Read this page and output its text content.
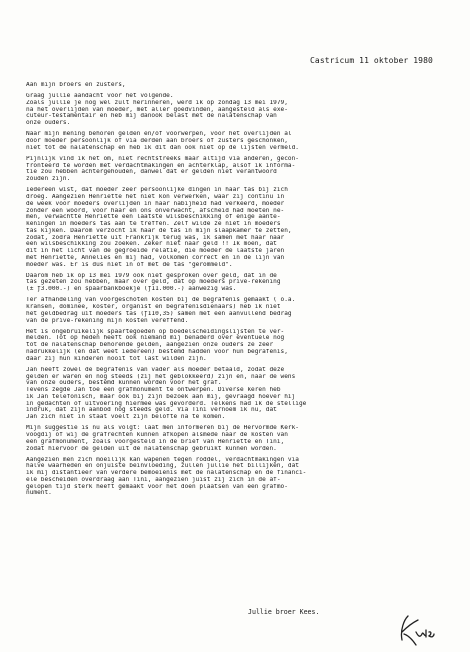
Castricum 11 oktober 1980
Aan mijn broers en zusters,
Graag jullie aandacht voor het volgende.
Zoals jullie je nog wel zult herinneren, werd ik op zondag 13 mei 1979,
na het overlijden van moeder, met aller goedvinden, aangesteld als exe-
cuteur-testamentair en heb mij danook belast met de nalatenschap van
onze ouders.
Naar mijn mening behoren gelden en/of voorwerpen, vóór het overlijden al
door moeder persoonlijk of via derden aan broers of zusters geschonken,
niet tot de nalatenschap en heb ik dit dan ook niet op de lijsten vermeld.
Pijnlijk vind ik het om, niet rechtstreeks maar altijd via anderen, gecon-
fronteerd te worden met verdachtmakingen en achterklap, alsof ik informa-
tie zou hebben achtergehouden, danwel dat er gelden niet verantwoord
zouden zijn.
Iedereen wist, dat moeder zeer persoonlijke dingen in haar tas bij zich
droeg. Aangezien Henriëtte het niet kon verwerken, waar zij continu in
de week vóór moeders overlijden in haar nabijheid had verkeerd, moeder
zonder een woord, voor haar en ons onverwacht, afscheid had moeten ne-
men, verwachtte Henriëtte een laatste wilsbeschikking of enige aante-
keningen in moeders tas aan te treffen. Zelf wilde ze niet in moeders
tas kijken. Daarom verzocht ik haar de tas in mijn slaapkamer te zetten,
zodat, zodra Henriëtte uit Frankrijk terug was, ik samen met haar naar
een wilsbeschikking zou zoeken. Zeker niet naar geld !! Ik moen, dat
dit in het licht van de gegroeide relatie, die moeder de laatste jaren
met Henriëtte, Annelies en mij had, volkomen correct en in de lijn van
moeder was. Er is dus niet in of met de tas "gerommeld".
Daarom heb ik op 13 mei 1979 ook niet gesproken over geld, dat in de
tas gezeten zou hebben, maar over geld, dat op moeders privé-rekening
(± ƒ3.000.-) en spaarbankboekje (ƒ11.000.-) aanwezig was.
Ter afhandeling van voorgeschoten kosten bij de begrafenis gemaakt ( o.a.
kransen, dominee, koster, organist en begrafenisdienaars) heb ik niet
het geldbedrag uit moeders tas (ƒ110,35) samen met een aanvullend bedrag
van de privé-rekening mijn kosten vereffend.
Het is ongebruikelijk spaartegoeden op boedelscheidingslijsten te ver-
melden. Tot op heden heeft ook niemand mij benaderd over eventuele nog
tot de nalatenschap behorende gelden, aangezien onze ouders ze zeer
nadrukkelijk (en dat weet iedereen) bestemd hadden voor hun begrafenis,
daar zij hun kinderen nooit tot last wilden zijn.
Jan heeft zowel de begrafenis van vader als moeder betaald, zodat deze
gelden er waren en nog steeds (zij het geblokkeerd) zijn en, naar de wens
van onze ouders, bestemd kunnen worden voor het graf.
Tevens zegde Jan toe een grafmonument te ontwerpen. Diverse keren heb
ik Jan telefonisch, maar ook bij zijn bezoek aan mij, gevraagd hoever hij
in gedachten of uitvoering hiermee was gevorderd. Telkens had ik de stellige
indruk, dat zijn aanbod nog steeds geld. Via Tini vernoem ik nu, dat
Jan zich niet in staat voelt zijn belofte na te komen.
Mijn suggestie is nu als volgt: laat men informeren bij de Hervormde Kerk-
voogdij of wij de grafrechten kunnen afkopen alsmede naar de kosten van
een grafmonument, zoals voorgesteld in de brief van Henriëtte en Tini,
zodat hiervoor de gelden uit de nalatenschap gebruikt kunnen worden.
Aangezien men zich moeilijk kan wapenen tegen roddel, verdachtmakingen via
halve waarheden en onjuiste beïnvloeding, zullen jullie het billijken, dat
ik mij distantieer van verdere bemoeienis met de nalatenschap en de financi-
ële bescheiden overdraag aan Tini, aangezien juist zij zich in de af-
gelopen tijd sterk heeft gemaakt voor het doen plaatsen van een grafmo-
nument.
Jullie broer Kees.
